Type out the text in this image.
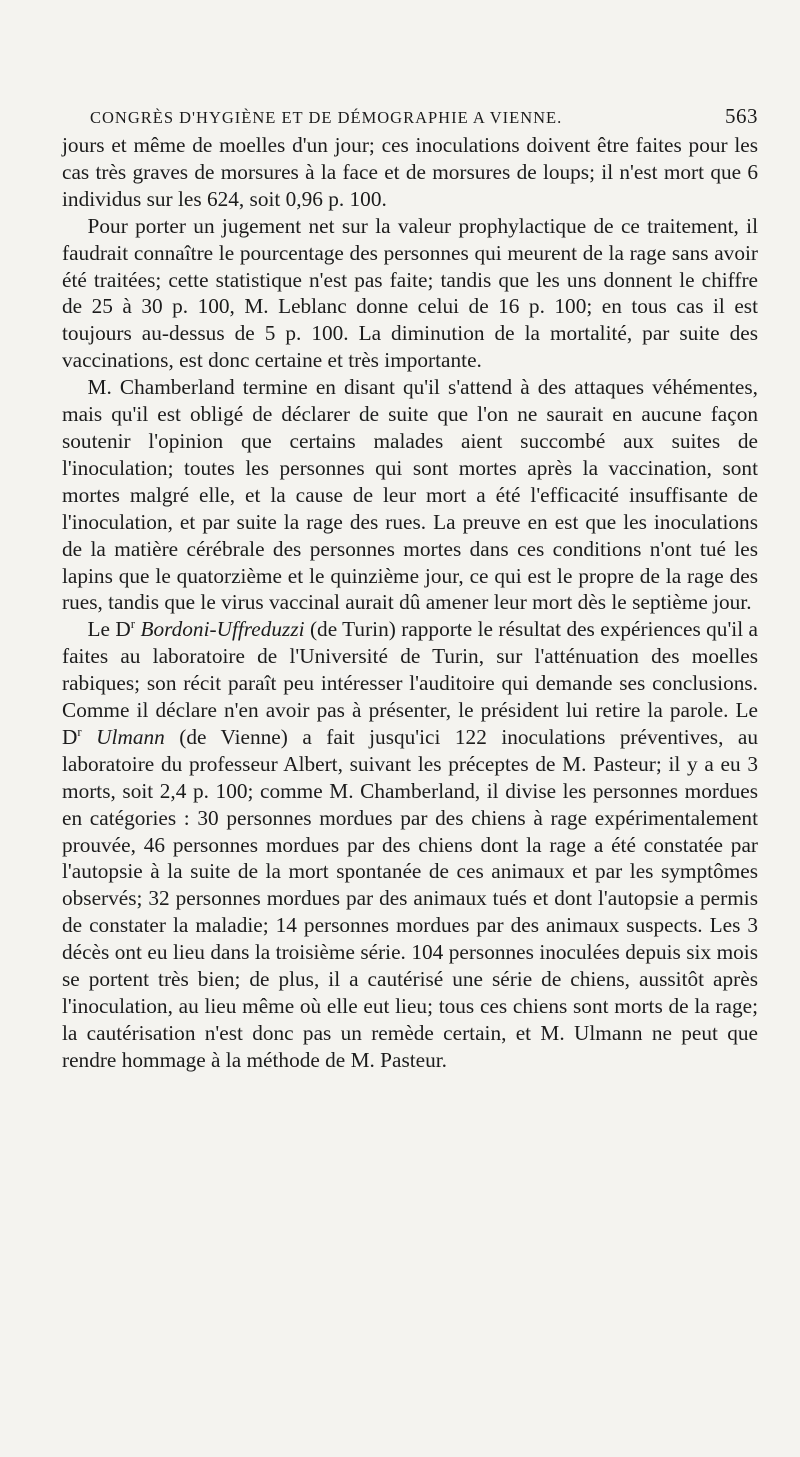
CONGRÈS D'HYGIÈNE ET DE DÉMOGRAPHIE A VIENNE.	563

jours et même de moelles d'un jour; ces inoculations doivent être faites pour les cas très graves de morsures à la face et de morsures de loups; il n'est mort que 6 individus sur les 624, soit 0,96 p. 100.

Pour porter un jugement net sur la valeur prophylactique de ce traitement, il faudrait connaître le pourcentage des personnes qui meurent de la rage sans avoir été traitées; cette statistique n'est pas faite; tandis que les uns donnent le chiffre de 25 à 30 p. 100, M. Leblanc donne celui de 16 p. 100; en tous cas il est toujours au-dessus de 5 p. 100. La diminution de la mortalité, par suite des vaccinations, est donc certaine et très importante.

M. Chamberland termine en disant qu'il s'attend à des attaques véhémentes, mais qu'il est obligé de déclarer de suite que l'on ne saurait en aucune façon soutenir l'opinion que certains malades aient succombé aux suites de l'inoculation; toutes les personnes qui sont mortes après la vaccination, sont mortes malgré elle, et la cause de leur mort a été l'efficacité insuffisante de l'inoculation, et par suite la rage des rues. La preuve en est que les inoculations de la matière cérébrale des personnes mortes dans ces conditions n'ont tué les lapins que le quatorzième et le quinzième jour, ce qui est le propre de la rage des rues, tandis que le virus vaccinal aurait dû amener leur mort dès le septième jour.

Le $D^r$ Bordoni-Uffreduzzi (de Turin) rapporte le résultat des expériences qu'il a faites au laboratoire de l'Université de Turin, sur l'atténuation des moelles rabiques; son récit paraît peu intéresser l'auditoire qui demande ses conclusions. Comme il déclare n'en avoir pas à présenter, le président lui retire la parole. Le $D^r$ Ulmann (de Vienne) a fait jusqu'ici 122 inoculations préventives, au laboratoire du professeur Albert, suivant les préceptes de M. Pasteur; il y a eu 3 morts, soit 2,4 p. 100; comme M. Chamberland, il divise les personnes mordues en catégories : 30 personnes mordues par des chiens à rage expérimentalement prouvée, 46 personnes mordues par des chiens dont la rage a été constatée par l'autopsie à la suite de la mort spontanée de ces animaux et par les symptômes observés; 32 personnes mordues par des animaux tués et dont l'autopsie a permis de constater la maladie; 14 personnes mordues par des animaux suspects. Les 3 décès ont eu lieu dans la troisième série. 104 personnes inoculées depuis six mois se portent très bien; de plus, il a cautérisé une série de chiens, aussitôt après l'inoculation, au lieu même où elle eut lieu; tous ces chiens sont morts de la rage; la cautérisation n'est donc pas un remède certain, et M. Ulmann ne peut que rendre hommage à la méthode de M. Pasteur.
